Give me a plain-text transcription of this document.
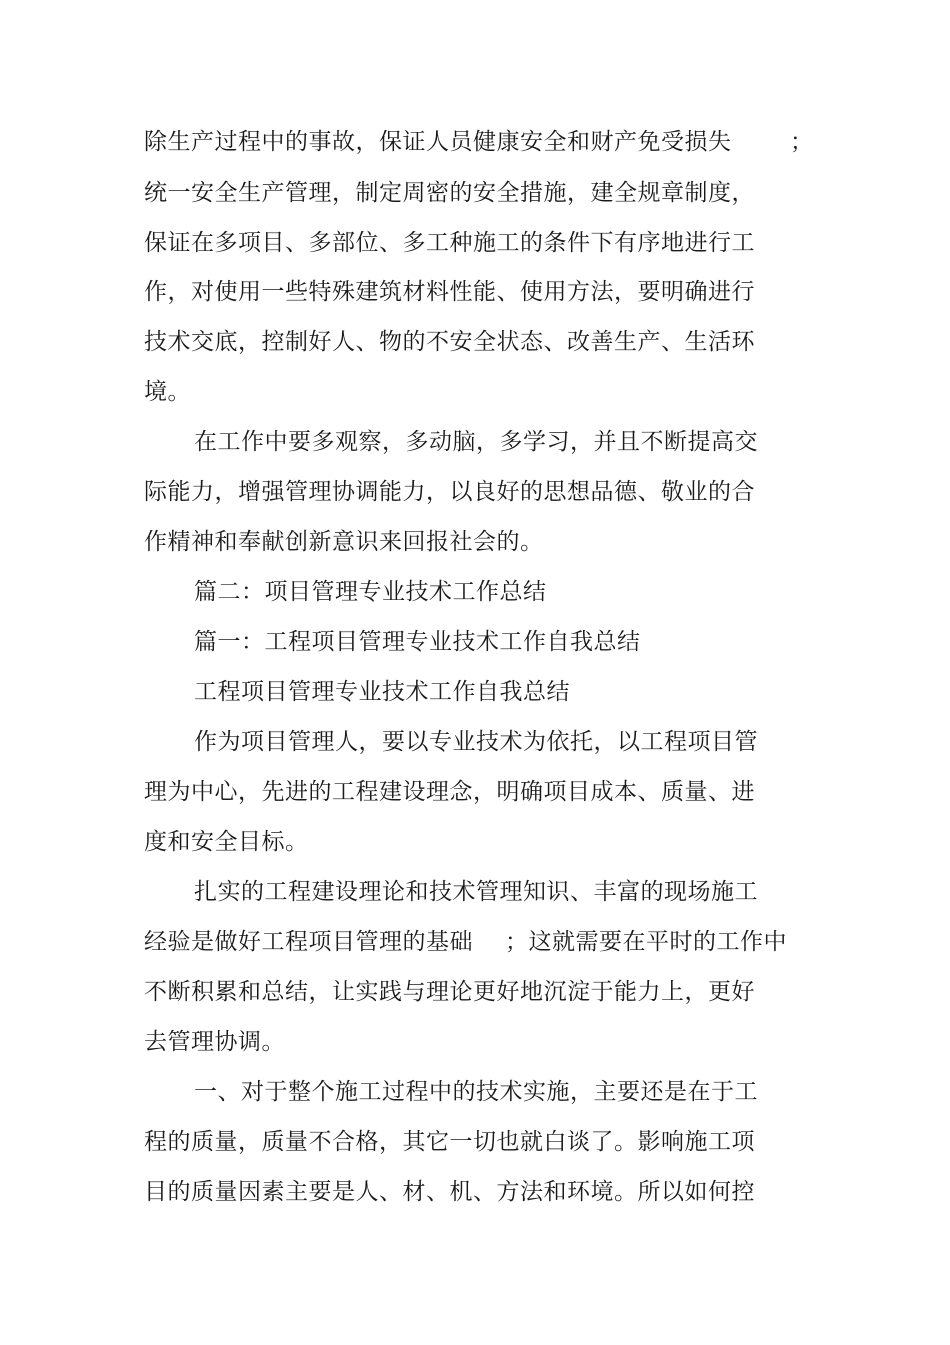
除生产过程中的事故，保证人员健康安全和财产免受损失	；
统一安全生产管理，制定周密的安全措施，建全规章制度，
保证在多项目、多部位、多工种施工的条件下有序地进行工
作，对使用一些特殊建筑材料性能、使用方法，要明确进行
技术交底，控制好人、物的不安全状态、改善生产、生活环
境。
在工作中要多观察，多动脑，多学习，并且不断提高交
际能力，增强管理协调能力，以良好的思想品德、敬业的合
作精神和奉献创新意识来回报社会的。
篇二：项目管理专业技术工作总结
篇一：工程项目管理专业技术工作自我总结
工程项目管理专业技术工作自我总结
作为项目管理人，要以专业技术为依托，以工程项目管
理为中心，先进的工程建设理念，明确项目成本、质量、进
度和安全目标。
扎实的工程建设理论和技术管理知识、丰富的现场施工
经验是做好工程项目管理的基础 ；这就需要在平时的工作中
不断积累和总结，让实践与理论更好地沉淀于能力上，更好
去管理协调。
一、对于整个施工过程中的技术实施，主要还是在于工
程的质量，质量不合格，其它一切也就白谈了。影响施工项
目的质量因素主要是人、材、机、方法和环境。所以如何控
